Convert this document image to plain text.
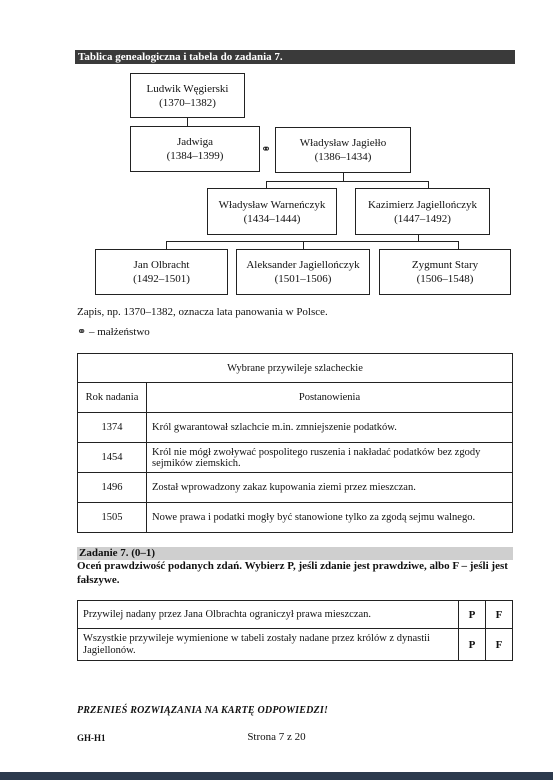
Tablica genealogiczna i tabela do zadania 7.
Ludwik Węgierski
(1370–1382)
Jadwiga
(1384–1399)	⚭	Władysław Jagiełło
(1386–1434)
Władysław Warneńczyk
(1434–1444)
Kazimierz Jagiellończyk
(1447–1492)
Jan Olbracht
(1492–1501)
Aleksander Jagiellończyk
(1501–1506)
Zygmunt Stary
(1506–1548)
Zapis, np. 1370–1382, oznacza lata panowania w Polsce.
⚭ – małżeństwo
Wybrane przywileje szlacheckie	
Rok nadania	Postanowienia
1374	Król gwarantował szlachcie m.in. zmniejszenie podatków.
1454	Król nie mógł zwoływać pospolitego ruszenia i nakładać podatków bez zgody sejmików ziemskich.
1496	Został wprowadzony zakaz kupowania ziemi przez mieszczan.
1505	Nowe prawa i podatki mogły być stanowione tylko za zgodą sejmu walnego.
Zadanie 7. (0–1)
Oceń prawdziwość podanych zdań. Wybierz P, jeśli zdanie jest prawdziwe, albo F – jeśli jest fałszywe.
Przywilej nadany przez Jana Olbrachta ograniczył prawa mieszczan.	P	F
Wszystkie przywileje wymienione w tabeli zostały nadane przez królów z dynastii Jagiellonów.	P	F
PRZENIEŚ ROZWIĄZANIA NA KARTĘ ODPOWIEDZI!
GH-H1	Strona 7 z 20
